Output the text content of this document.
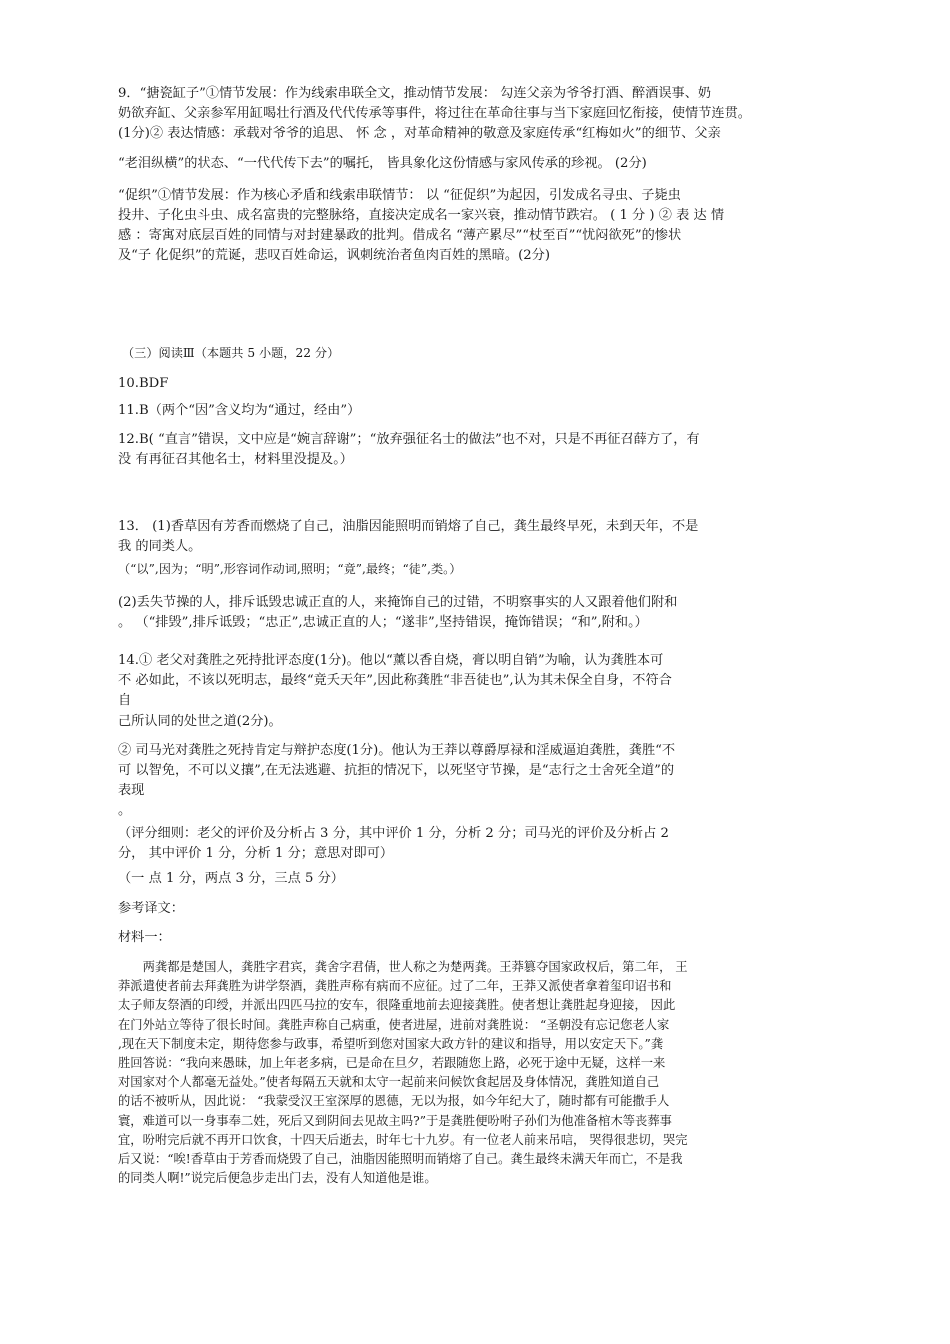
9．“搪瓷缸子”①情节发展：作为线索串联全文，推动情节发展： 勾连父亲为爷爷打酒、醉酒误事、奶
奶欲弃缸、父亲参军用缸喝壮行酒及代代传承等事件，将过往在革命往事与当下家庭回忆衔接，使情节连贯。
(1分)② 表达情感：承载对爷爷的追思、 怀 念 ，对革命精神的敬意及家庭传承“红梅如火”的细节、父亲
“老泪纵横”的状态、“一代代传下去”的嘱托， 皆具象化这份情感与家风传承的珍视。 (2分)
“促织”①情节发展：作为核心矛盾和线索串联情节： 以 “征促织”为起因，引发成名寻虫、子毙虫
投井、子化虫斗虫、成名富贵的完整脉络，直接决定成名一家兴衰，推动情节跌宕。 ( 1 分 ) ② 表 达 情
感 ：寄寓对底层百姓的同情与对封建暴政的批判。借成名 “薄产累尽”“杖至百”“忧闷欲死”的惨状
及“子 化促织”的荒诞，悲叹百姓命运，讽刺统治者鱼肉百姓的黑暗。(2分)
（三）阅读Ⅲ（本题共 5 小题，22 分）
10.BDF
11.B（两个“因”含义均为“通过，经由”）
12.B( “直言”错误，文中应是“婉言辞谢”；“放弃强征名士的做法”也不对，只是不再征召薛方了，有
没 有再征召其他名士，材料里没提及。）
13． (1)香草因有芳香而燃烧了自己，油脂因能照明而销熔了自己，龚生最终早死，未到天年，不是
我 的同类人。
（“以”,因为；“明”,形容词作动词,照明；“竟”,最终；“徒”,类。）
(2)丢失节操的人，排斥诋毁忠诚正直的人，来掩饰自己的过错，不明察事实的人又跟着他们附和
。 （“排毁”,排斥诋毁；“忠正”,忠诚正直的人；“遂非”,坚持错误，掩饰错误；“和”,附和。）
14.① 老父对龚胜之死持批评态度(1分)。他以“薰以香自烧，膏以明自销”为喻，认为龚胜本可
不 必如此，不该以死明志，最终“竟夭天年”,因此称龚胜“非吾徒也”,认为其未保全自身，不符合
自
己所认同的处世之道(2分)。
② 司马光对龚胜之死持肯定与辩护态度(1分)。他认为王莽以尊爵厚禄和淫威逼迫龚胜，龚胜“不
可 以智免，不可以义攘”,在无法逃避、抗拒的情况下，以死坚守节操，是“志行之士舍死全道”的
表现
。
（评分细则：老父的评价及分析占 3 分，其中评价 1 分，分析 2 分；司马光的评价及分析占 2
分， 其中评价 1 分，分析 1 分；意思对即可）
（一 点 1 分，两点 3 分，三点 5 分）
参考译文：
材料一：
两龚都是楚国人，龚胜字君宾，龚舍字君倩，世人称之为楚两龚。王莽篡夺国家政权后，第二年， 王
莽派遣使者前去拜龚胜为讲学祭酒，龚胜声称有病而不应征。过了二年，王莽又派使者拿着玺印诏书和
太子师友祭酒的印绶，并派出四匹马拉的安车，很隆重地前去迎接龚胜。使者想让龚胜起身迎接， 因此
在门外站立等待了很长时间。龚胜声称自己病重，使者进屋，进前对龚胜说： “圣朝没有忘记您老人家
,现在天下制度未定，期待您参与政事，希望听到您对国家大政方针的建议和指导，用以安定天下。”龚
胜回答说：“我向来愚昧，加上年老多病，已是命在旦夕，若跟随您上路，必死于途中无疑，这样一来
对国家对个人都毫无益处。”使者每隔五天就和太守一起前来问候饮食起居及身体情况，龚胜知道自己
的话不被听从，因此说： “我蒙受汉王室深厚的恩德，无以为报，如今年纪大了，随时都有可能撒手人
寰，难道可以一身事奉二姓，死后又到阴间去见故主吗?”于是龚胜便吩咐子孙们为他准备棺木等丧葬事
宜，吩咐完后就不再开口饮食，十四天后逝去，时年七十九岁。有一位老人前来吊唁， 哭得很悲切，哭完
后又说：“唉!香草由于芳香而烧毁了自己，油脂因能照明而销熔了自己。龚生最终未满天年而亡，不是我
的同类人啊!”说完后便急步走出门去，没有人知道他是谁。
